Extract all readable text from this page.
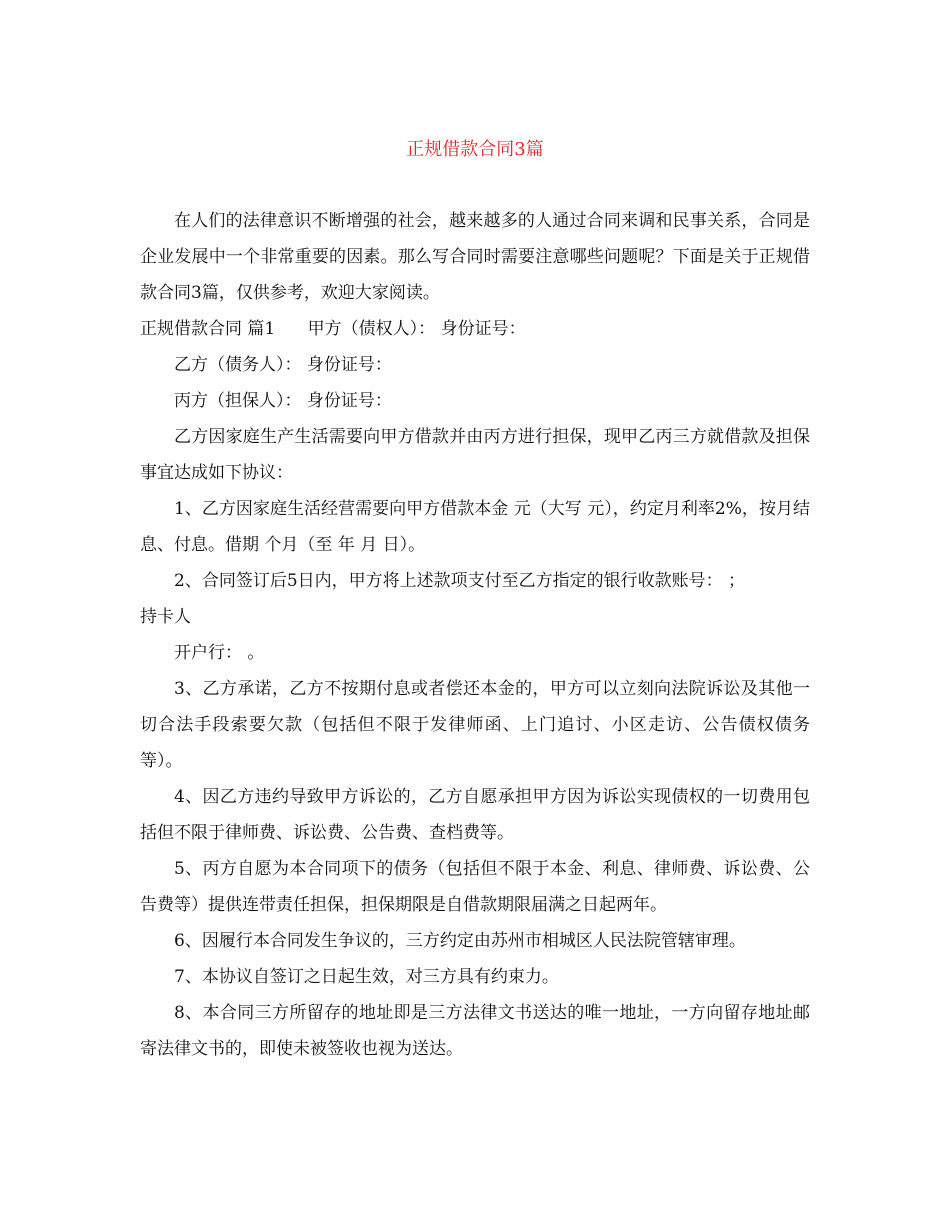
正规借款合同3篇

在人们的法律意识不断增强的社会，越来越多的人通过合同来调和民事关系，合同是企业发展中一个非常重要的因素。那么写合同时需要注意哪些问题呢？下面是关于正规借款合同3篇，仅供参考，欢迎大家阅读。

正规借款合同 篇1 甲方（债权人）： 身份证号：

乙方（债务人）： 身份证号：

丙方（担保人）： 身份证号：

乙方因家庭生产生活需要向甲方借款并由丙方进行担保，现甲乙丙三方就借款及担保事宜达成如下协议：

1、乙方因家庭生活经营需要向甲方借款本金 元（大写 元），约定月利率2%，按月结息、付息。借期 个月（至 年 月 日）。

2、合同签订后5日内，甲方将上述款项支付至乙方指定的银行收款账号： ；

持卡人

开户行： 。

3、乙方承诺，乙方不按期付息或者偿还本金的，甲方可以立刻向法院诉讼及其他一切合法手段索要欠款（包括但不限于发律师函、上门追讨、小区走访、公告债权债务等）。

4、因乙方违约导致甲方诉讼的，乙方自愿承担甲方因为诉讼实现债权的一切费用包括但不限于律师费、诉讼费、公告费、查档费等。

5、丙方自愿为本合同项下的债务（包括但不限于本金、利息、律师费、诉讼费、公告费等）提供连带责任担保，担保期限是自借款期限届满之日起两年。

6、因履行本合同发生争议的，三方约定由苏州市相城区人民法院管辖审理。

7、本协议自签订之日起生效，对三方具有约束力。

8、本合同三方所留存的地址即是三方法律文书送达的唯一地址，一方向留存地址邮寄法律文书的，即使未被签收也视为送达。
